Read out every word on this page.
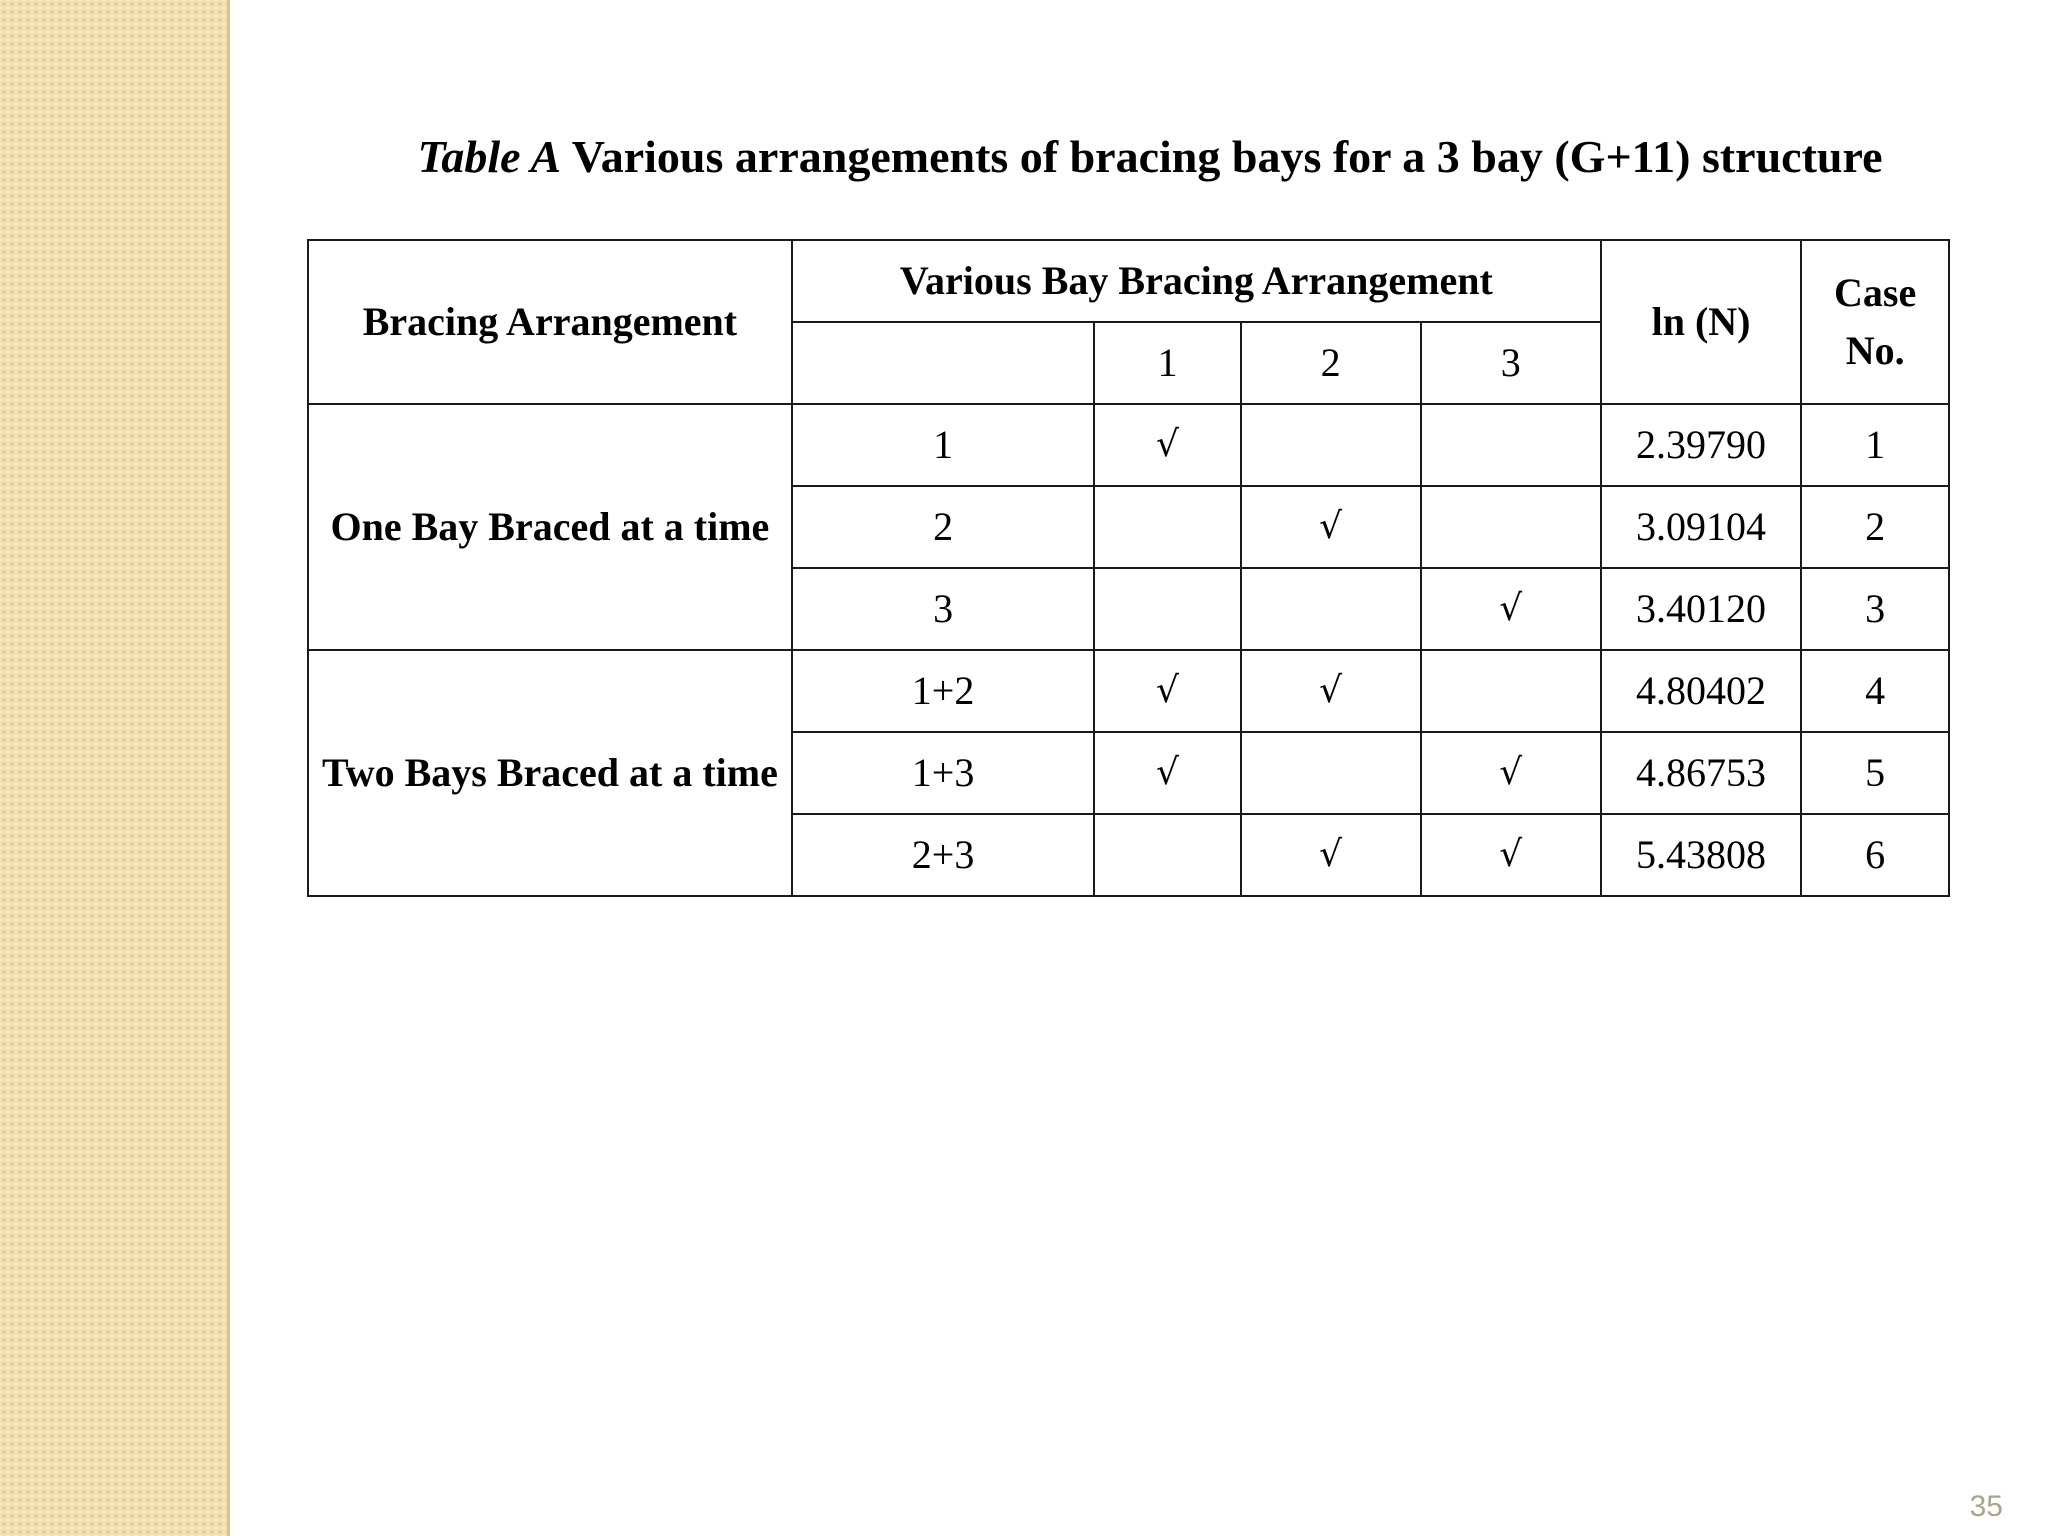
Table A Various arrangements of bracing bays for a 3 bay (G+11) structure
Bracing Arrangement	Various Bay Bracing Arrangement				ln (N)	Case No.
		1	2	3		
One Bay Braced at a time	1	√			2.39790	1
	2		√		3.09104	2
	3			√	3.40120	3
Two Bays Braced at a time	1+2	√	√		4.80402	4
	1+3	√		√	4.86753	5
	2+3		√	√	5.43808	6
35
